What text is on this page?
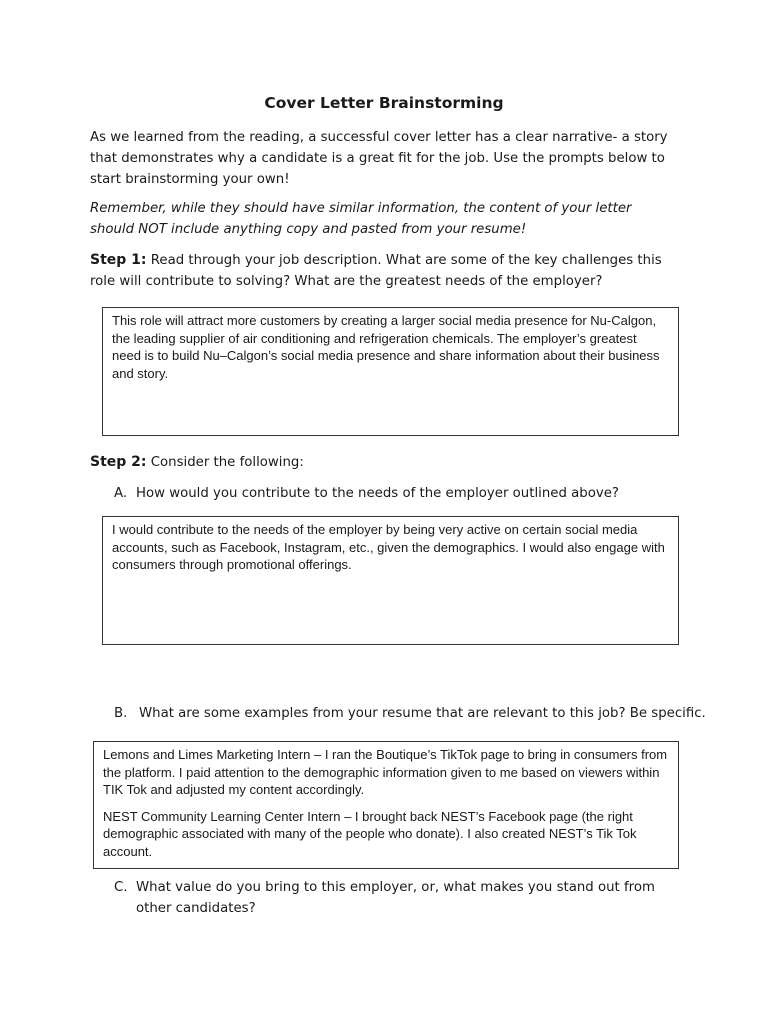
Cover Letter Brainstorming
As we learned from the reading, a successful cover letter has a clear narrative- a story that demonstrates why a candidate is a great fit for the job. Use the prompts below to start brainstorming your own!
Remember, while they should have similar information, the content of your letter should NOT include anything copy and pasted from your resume!
Step 1: Read through your job description. What are some of the key challenges this role will contribute to solving? What are the greatest needs of the employer?

This role will attract more customers by creating a larger social media presence for Nu-Calgon, the leading supplier of air conditioning and refrigeration chemicals. The employer’s greatest need is to build Nu–Calgon’s social media presence and share information about their business and story.

Step 2: Consider the following:
A. How would you contribute to the needs of the employer outlined above?

I would contribute to the needs of the employer by being very active on certain social media accounts, such as Facebook, Instagram, etc., given the demographics. I would also engage with consumers through promotional offerings.

B. What are some examples from your resume that are relevant to this job? Be specific.

Lemons and Limes Marketing Intern – I ran the Boutique’s TikTok page to bring in consumers from the platform. I paid attention to the demographic information given to me based on viewers within TIK Tok and adjusted my content accordingly.

NEST Community Learning Center Intern – I brought back NEST’s Facebook page (the right demographic associated with many of the people who donate). I also created NEST’s Tik Tok account.

C. What value do you bring to this employer, or, what makes you stand out from other candidates?
